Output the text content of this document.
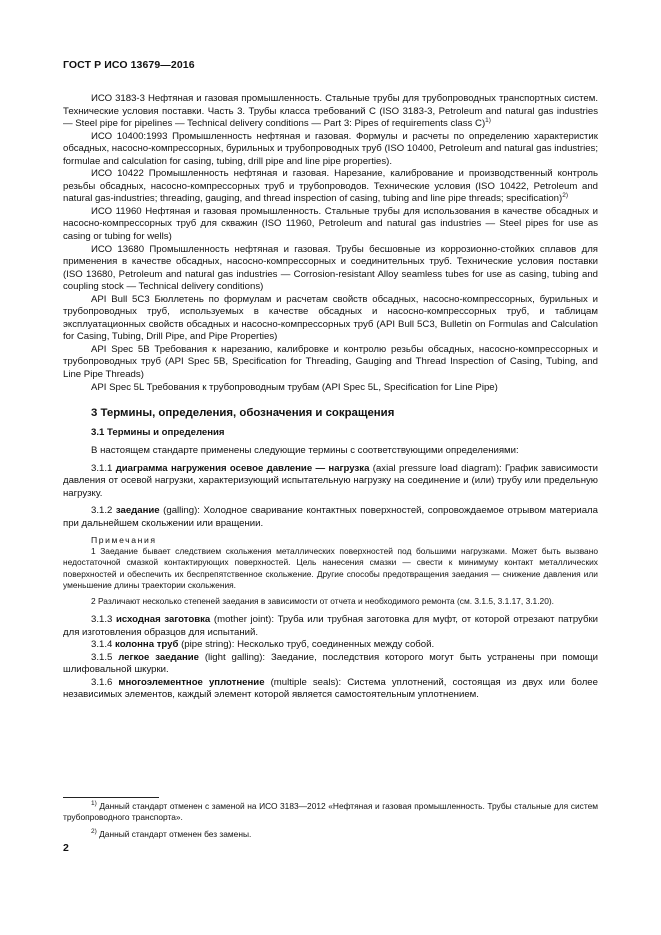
ГОСТ Р ИСО 13679—2016

ИСО 3183-3 Нефтяная и газовая промышленность. Стальные трубы для трубопроводных транспортных систем. Технические условия поставки. Часть 3. Трубы класса требований C (ISO 3183-3, Petroleum and natural gas industries — Steel pipe for pipelines — Technical delivery conditions — Part 3: Pipes of requirements class C)$^{1)}$

ИСО 10400:1993 Промышленность нефтяная и газовая. Формулы и расчеты по определению характеристик обсадных, насосно-компрессорных, бурильных и трубопроводных труб (ISO 10400, Petroleum and natural gas industries; formulae and calculation for casing, tubing, drill pipe and line pipe properties).

ИСО 10422 Промышленность нефтяная и газовая. Нарезание, калибрование и производственный контроль резьбы обсадных, насосно-компрессорных труб и трубопроводов. Технические условия (ISO 10422, Petroleum and natural gas-industries; threading, gauging, and thread inspection of casing, tubing and line pipe threads; specification)$^{2)}$

ИСО 11960 Нефтяная и газовая промышленность. Стальные трубы для использования в качестве обсадных и насосно-компрессорных труб для скважин (ISO 11960, Petroleum and natural gas industries — Steel pipes for use as casing or tubing for wells)

ИСО 13680 Промышленность нефтяная и газовая. Трубы бесшовные из коррозионно-стойких сплавов для применения в качестве обсадных, насосно-компрессорных и соединительных труб. Технические условия поставки (ISO 13680, Petroleum and natural gas industries — Corrosion-resistant Alloy seamless tubes for use as casing, tubing and coupling stock — Technical delivery conditions)

API Bull 5C3 Бюллетень по формулам и расчетам свойств обсадных, насосно-компрессорных, бурильных и трубопроводных труб, используемых в качестве обсадных и насосно-компрессорных труб, и таблицам эксплуатационных свойств обсадных и насосно-компрессорных труб (API Bull 5C3, Bulletin on Formulas and Calculation for Casing, Tubing, Drill Pipe, and Pipe Properties)

API Spec 5B Требования к нарезанию, калибровке и контролю резьбы обсадных, насосно-компрессорных и трубопроводных труб (API Spec 5B, Specification for Threading, Gauging and Thread Inspection of Casing, Tubing, and Line Pipe Threads)

API Spec 5L Требования к трубопроводным трубам (API Spec 5L, Specification for Line Pipe)

3 Термины, определения, обозначения и сокращения

3.1 Термины и определения

В настоящем стандарте применены следующие термины с соответствующими определениями:

3.1.1 диаграмма нагружения осевое давление — нагрузка (axial pressure load diagram): График зависимости давления от осевой нагрузки, характеризующий испытательную нагрузку на соединение и (или) трубу или предельную нагрузку.

3.1.2 заедание (galling): Холодное сваривание контактных поверхностей, сопровождаемое отрывом материала при дальнейшем скольжении или вращении.

Примечания

1 Заедание бывает следствием скольжения металлических поверхностей под большими нагрузками. Может быть вызвано недостаточной смазкой контактирующих поверхностей. Цель нанесения смазки — свести к минимуму контакт металлических поверхностей и обеспечить их беспрепятственное скольжение. Другие способы предотвращения заедания — снижение давления или уменьшение длины траектории скольжения.

2 Различают несколько степеней заедания в зависимости от отчета и необходимого ремонта (см. 3.1.5, 3.1.17, 3.1.20).

3.1.3 исходная заготовка (mother joint): Труба или трубная заготовка для муфт, от которой отрезают патрубки для изготовления образцов для испытаний.

3.1.4 колонна труб (pipe string): Несколько труб, соединенных между собой.

3.1.5 легкое заедание (light galling): Заедание, последствия которого могут быть устранены при помощи шлифовальной шкурки.

3.1.6 многоэлементное уплотнение (multiple seals): Система уплотнений, состоящая из двух или более независимых элементов, каждый элемент которой является самостоятельным уплотнением.

$^{1)}$ Данный стандарт отменен с заменой на ИСО 3183—2012 «Нефтяная и газовая промышленность. Трубы стальные для систем трубопроводного транспорта».

$^{2)}$ Данный стандарт отменен без замены.

2
